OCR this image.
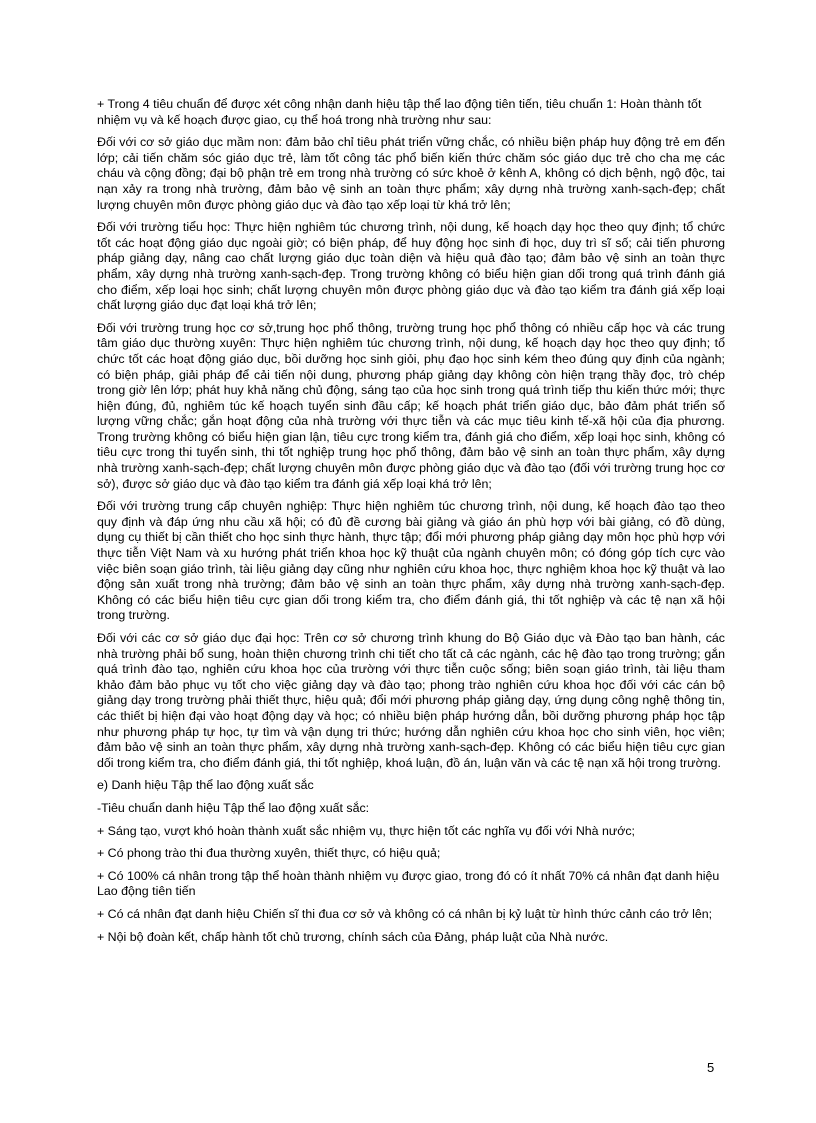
+ Trong 4 tiêu chuẩn để được xét công nhận danh hiệu tập thể lao động tiên tiến, tiêu chuẩn 1: Hoàn thành tốt nhiệm vụ và kế hoạch được giao, cụ thể hoá trong nhà trường như sau:

Đối với cơ sở giáo dục mầm non: đảm bảo chỉ tiêu phát triển vững chắc, có nhiều biện pháp huy động trẻ em đến lớp; cải tiến chăm sóc giáo dục trẻ, làm tốt công tác phổ biến kiến thức chăm sóc giáo dục trẻ cho cha mẹ các cháu và cộng đồng; đại bộ phận trẻ em trong nhà trường có sức khoẻ ở kênh A, không có dịch bệnh, ngộ độc, tai nạn xảy ra trong nhà trường, đảm bảo vệ sinh an toàn thực phẩm; xây dựng nhà trường xanh-sạch-đẹp; chất lượng chuyên môn được phòng giáo dục và đào tạo xếp loại từ khá trở lên;

Đối với trường tiểu học: Thực hiện nghiêm túc chương trình, nội dung, kế hoạch dạy học theo quy định; tổ chức tốt các hoạt động giáo dục ngoài giờ; có biện pháp, để huy động học sinh đi học, duy trì sĩ số; cải tiến phương pháp giảng dạy, nâng cao chất lượng giáo dục toàn diện và hiệu quả đào tạo; đảm bảo vệ sinh an toàn thực phẩm, xây dựng nhà trường xanh-sạch-đẹp. Trong trường không có biểu hiện gian dối trong quá trình đánh giá cho điểm, xếp loại học sinh; chất lượng chuyên môn được phòng giáo dục và đào tạo kiểm tra đánh giá xếp loại chất lượng giáo dục đạt loại khá trở lên;

Đối với trường trung học cơ sở,trung học phổ thông, trường trung học phổ thông có nhiều cấp học và các trung tâm giáo dục thường xuyên: Thực hiện nghiêm túc chương trình, nội dung, kế hoạch dạy học theo quy định; tổ chức tốt các hoạt động giáo dục, bồi dưỡng học sinh giỏi, phụ đạo học sinh kém theo đúng quy định của ngành; có biện pháp, giải pháp để cải tiến nội dung, phương pháp giảng dạy không còn hiện trạng thầy đọc, trò chép trong giờ lên lớp; phát huy khả năng chủ động, sáng tạo của học sinh trong quá trình tiếp thu kiến thức mới; thực hiện đúng, đủ, nghiêm túc kế hoạch tuyển sinh đầu cấp; kế hoạch phát triển giáo dục, bảo đảm phát triển số lượng vững chắc; gắn hoạt động của nhà trường với thực tiễn và các mục tiêu kinh tế-xã hội của địa phương. Trong trường không có biểu hiện gian lận, tiêu cực trong kiểm tra, đánh giá cho điểm, xếp loại học sinh, không có tiêu cực trong thi tuyển sinh, thi tốt nghiệp trung học phổ thông, đảm bảo vệ sinh an toàn thực phẩm, xây dựng nhà trường xanh-sạch-đẹp; chất lượng chuyên môn được phòng giáo dục và đào tạo (đối với trường trung học cơ sở), được sở giáo dục và đào tạo kiểm tra đánh giá xếp loại khá trở lên;

Đối với trường trung cấp chuyên nghiệp: Thực hiện nghiêm túc chương trình, nội dung, kế hoạch đào tạo theo quy định và đáp ứng nhu cầu xã hội; có đủ đề cương bài giảng và giáo án phù hợp với bài giảng, có đồ dùng, dụng cụ thiết bị cần thiết cho học sinh thực hành, thực tập; đổi mới phương pháp giảng dạy môn học phù hợp với thực tiễn Việt Nam và xu hướng phát triển khoa học kỹ thuật của ngành chuyên môn; có đóng góp tích cực vào việc biên soạn giáo trình, tài liệu giảng dạy cũng như nghiên cứu khoa học, thực nghiệm khoa học kỹ thuật và lao động sản xuất trong nhà trường; đảm bảo vệ sinh an toàn thực phẩm, xây dựng nhà trường xanh-sạch-đẹp. Không có các biểu hiện tiêu cực gian dối trong kiểm tra, cho điểm đánh giá, thi tốt nghiệp và các tệ nạn xã hội trong trường.

Đối với các cơ sở giáo dục đại học: Trên cơ sở chương trình khung do Bộ Giáo dục và Đào tạo ban hành, các nhà trường phải bổ sung, hoàn thiện chương trình chi tiết cho tất cả các ngành, các hệ đào tạo trong trường; gắn quá trình đào tạo, nghiên cứu khoa học của trường với thực tiễn cuộc sống; biên soạn giáo trình, tài liệu tham khảo đảm bảo phục vụ tốt cho việc giảng dạy và đào tạo; phong trào nghiên cứu khoa học đối với các cán bộ giảng dạy trong trường phải thiết thực, hiệu quả; đổi mới phương pháp giảng dạy, ứng dụng công nghệ thông tin, các thiết bị hiện đại vào hoạt động dạy và học; có nhiều biện pháp hướng dẫn, bồi dưỡng phương pháp học tập như phương pháp tự học, tự tìm và vận dụng tri thức; hướng dẫn nghiên cứu khoa học cho sinh viên, học viên; đảm bảo vệ sinh an toàn thực phẩm, xây dựng nhà trường xanh-sạch-đẹp. Không có các biểu hiện tiêu cực gian dối trong kiểm tra, cho điểm đánh giá, thi tốt nghiệp, khoá luận, đồ án, luận văn và các tệ nạn xã hội trong trường.

e) Danh hiệu Tập thể lao động xuất sắc

-Tiêu chuẩn danh hiệu Tập thể lao động xuất sắc:

+ Sáng tạo, vượt khó hoàn thành xuất sắc nhiệm vụ, thực hiện tốt các nghĩa vụ đối với Nhà nước;

+ Có phong trào thi đua thường xuyên, thiết thực, có hiệu quả;

+ Có 100% cá nhân trong tập thể hoàn thành nhiệm vụ được giao, trong đó có ít nhất 70% cá nhân đạt danh hiệu Lao động tiên tiến

+ Có cá nhân đạt danh hiệu Chiến sĩ thi đua cơ sở và không có cá nhân bị kỷ luật từ hình thức cảnh cáo trở lên;

+ Nội bộ đoàn kết, chấp hành tốt chủ trương, chính sách của Đảng, pháp luật của Nhà nước.

5
